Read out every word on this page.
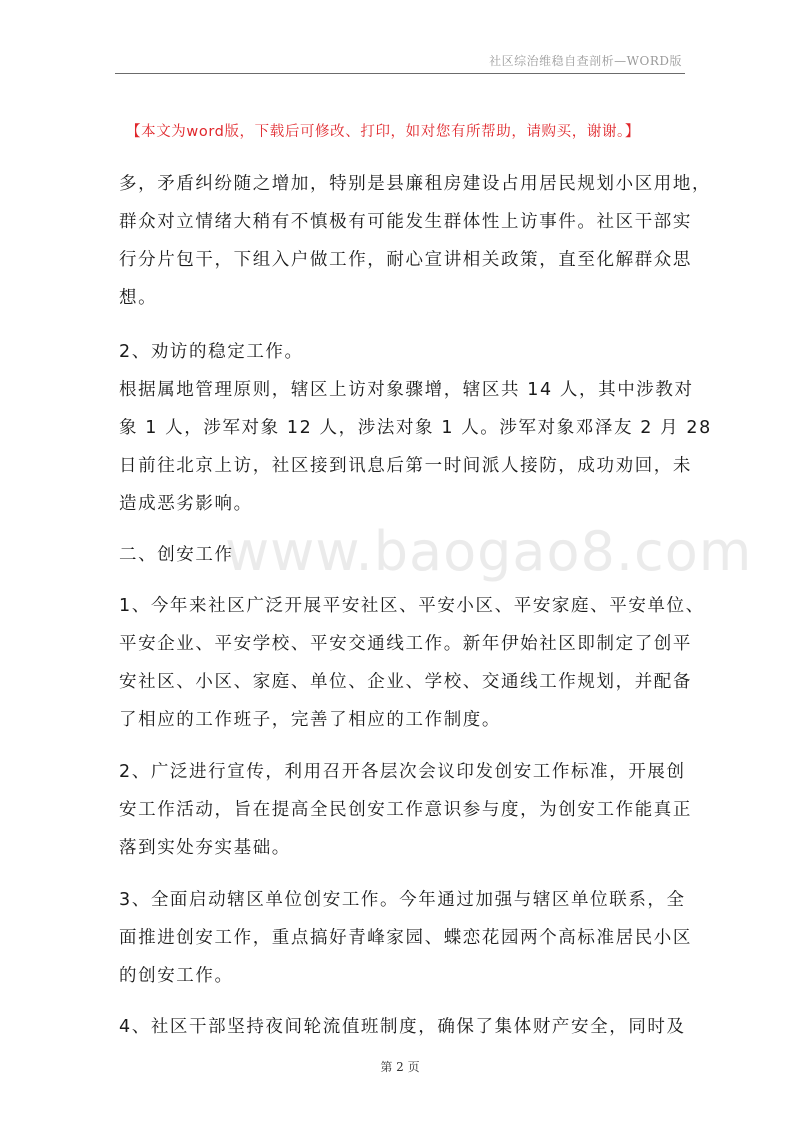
社区综治维稳自查剖析—WORD版
www.baogao8.com
【本文为word版，下载后可修改、打印，如对您有所帮助，请购买，谢谢。】
多，矛盾纠纷随之增加，特别是县廉租房建设占用居民规划小区用地，
群众对立情绪大稍有不慎极有可能发生群体性上访事件。社区干部实
行分片包干，下组入户做工作，耐心宣讲相关政策，直至化解群众思
想。
2、劝访的稳定工作。
根据属地管理原则，辖区上访对象骤增，辖区共 14 人，其中涉教对
象 1 人，涉军对象 12 人，涉法对象 1 人。涉军对象邓泽友 2 月 28
日前往北京上访，社区接到讯息后第一时间派人接防，成功劝回，未
造成恶劣影响。
二、创安工作
1、今年来社区广泛开展平安社区、平安小区、平安家庭、平安单位、
平安企业、平安学校、平安交通线工作。新年伊始社区即制定了创平
安社区、小区、家庭、单位、企业、学校、交通线工作规划，并配备
了相应的工作班子，完善了相应的工作制度。
2、广泛进行宣传，利用召开各层次会议印发创安工作标准，开展创
安工作活动，旨在提高全民创安工作意识参与度，为创安工作能真正
落到实处夯实基础。
3、全面启动辖区单位创安工作。今年通过加强与辖区单位联系，全
面推进创安工作，重点搞好青峰家园、蝶恋花园两个高标准居民小区
的创安工作。
4、社区干部坚持夜间轮流值班制度，确保了集体财产安全，同时及
第 2 页
